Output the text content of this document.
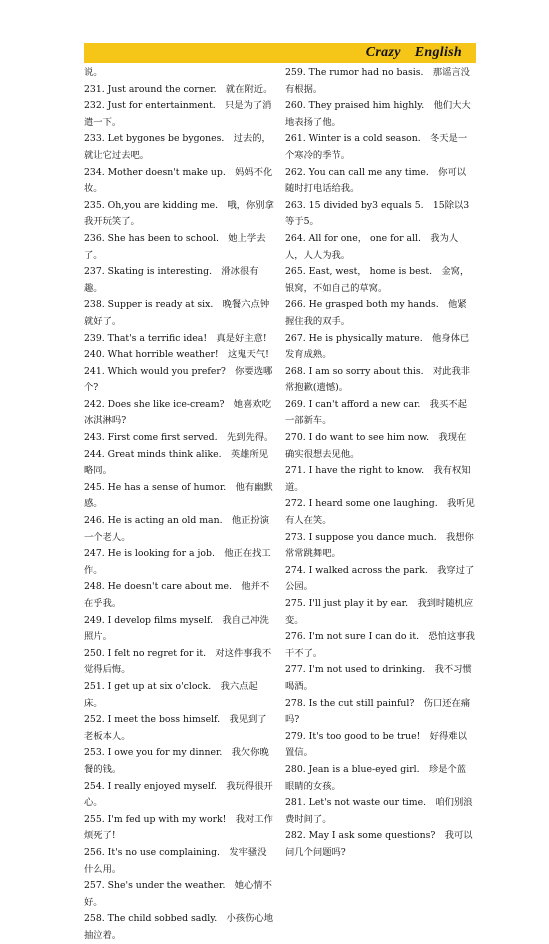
Crazy English

说。

231. Just around the corner.　就在附近。

232. Just for entertainment.　只是为了消遣一下。

233. Let bygones be bygones.　过去的，就让它过去吧。

234. Mother doesn't make up.　妈妈不化妆。

235. Oh,you are kidding me.　哦，你别拿我开玩笑了。

236. She has been to school.　她上学去了。

237. Skating is interesting.　滑冰很有趣。

238. Supper is ready at six.　晚餐六点钟就好了。

239. That's a terrific idea!　真是好主意!

240. What horrible weather!　这鬼天气!

241. Which would you prefer?　你要选哪个?

242. Does she like ice-cream?　她喜欢吃冰淇淋吗?

243. First come first served.　先到先得。

244. Great minds think alike.　英雄所见略同。

245. He has a sense of humor.　他有幽默感。

246. He is acting an old man.　他正扮演一个老人。

247. He is looking for a job.　他正在找工作。

248. He doesn't care about me.　他并不在乎我。

249. I develop films myself.　我自己冲洗照片。

250. I felt no regret for it.　对这件事我不觉得后悔。

251. I get up at six o'clock.　我六点起床。

252. I meet the boss himself.　我见到了老板本人。

253. I owe you for my dinner.　我欠你晚餐的钱。

254. I really enjoyed myself.　我玩得很开心。

255. I'm fed up with my work!　我对工作烦死了!

256. It's no use complaining.　发牢骚没什么用。

257. She's under the weather.　她心情不好。

258. The child sobbed sadly.　小孩伤心地抽泣着。

259. The rumor had no basis.　那谣言没有根据。

260. They praised him highly.　他们大大地表扬了他。

261. Winter is a cold season.　冬天是一个寒冷的季节。

262. You can call me any time.　你可以随时打电话给我。

263. 15 divided by3 equals 5.　15除以3等于5。

264. All for one， one for all.　我为人人，人人为我。

265. East, west， home is best.　金窝，银窝，不如自己的草窝。

266. He grasped both my hands.　他紧握住我的双手。

267. He is physically mature.　他身体已发育成熟。

268. I am so sorry about this.　对此我非常抱歉(遗憾)。

269. I can't afford a new car.　我买不起一部新车。

270. I do want to see him now.　我现在确实很想去见他。

271. I have the right to know.　我有权知道。

272. I heard some one laughing.　我听见有人在笑。

273. I suppose you dance much.　我想你常常跳舞吧。

274. I walked across the park.　我穿过了公园。

275. I'll just play it by ear.　我到时随机应变。

276. I'm not sure I can do it.　恐怕这事我干不了。

277. I'm not used to drinking.　我不习惯喝酒。

278. Is the cut still painful?　伤口还在痛吗?

279. It's too good to be true!　好得难以置信。

280. Jean is a blue-eyed girl.　珍是个蓝眼睛的女孩。

281. Let's not waste our time.　咱们别浪费时间了。

282. May I ask some questions?　我可以问几个问题吗?
